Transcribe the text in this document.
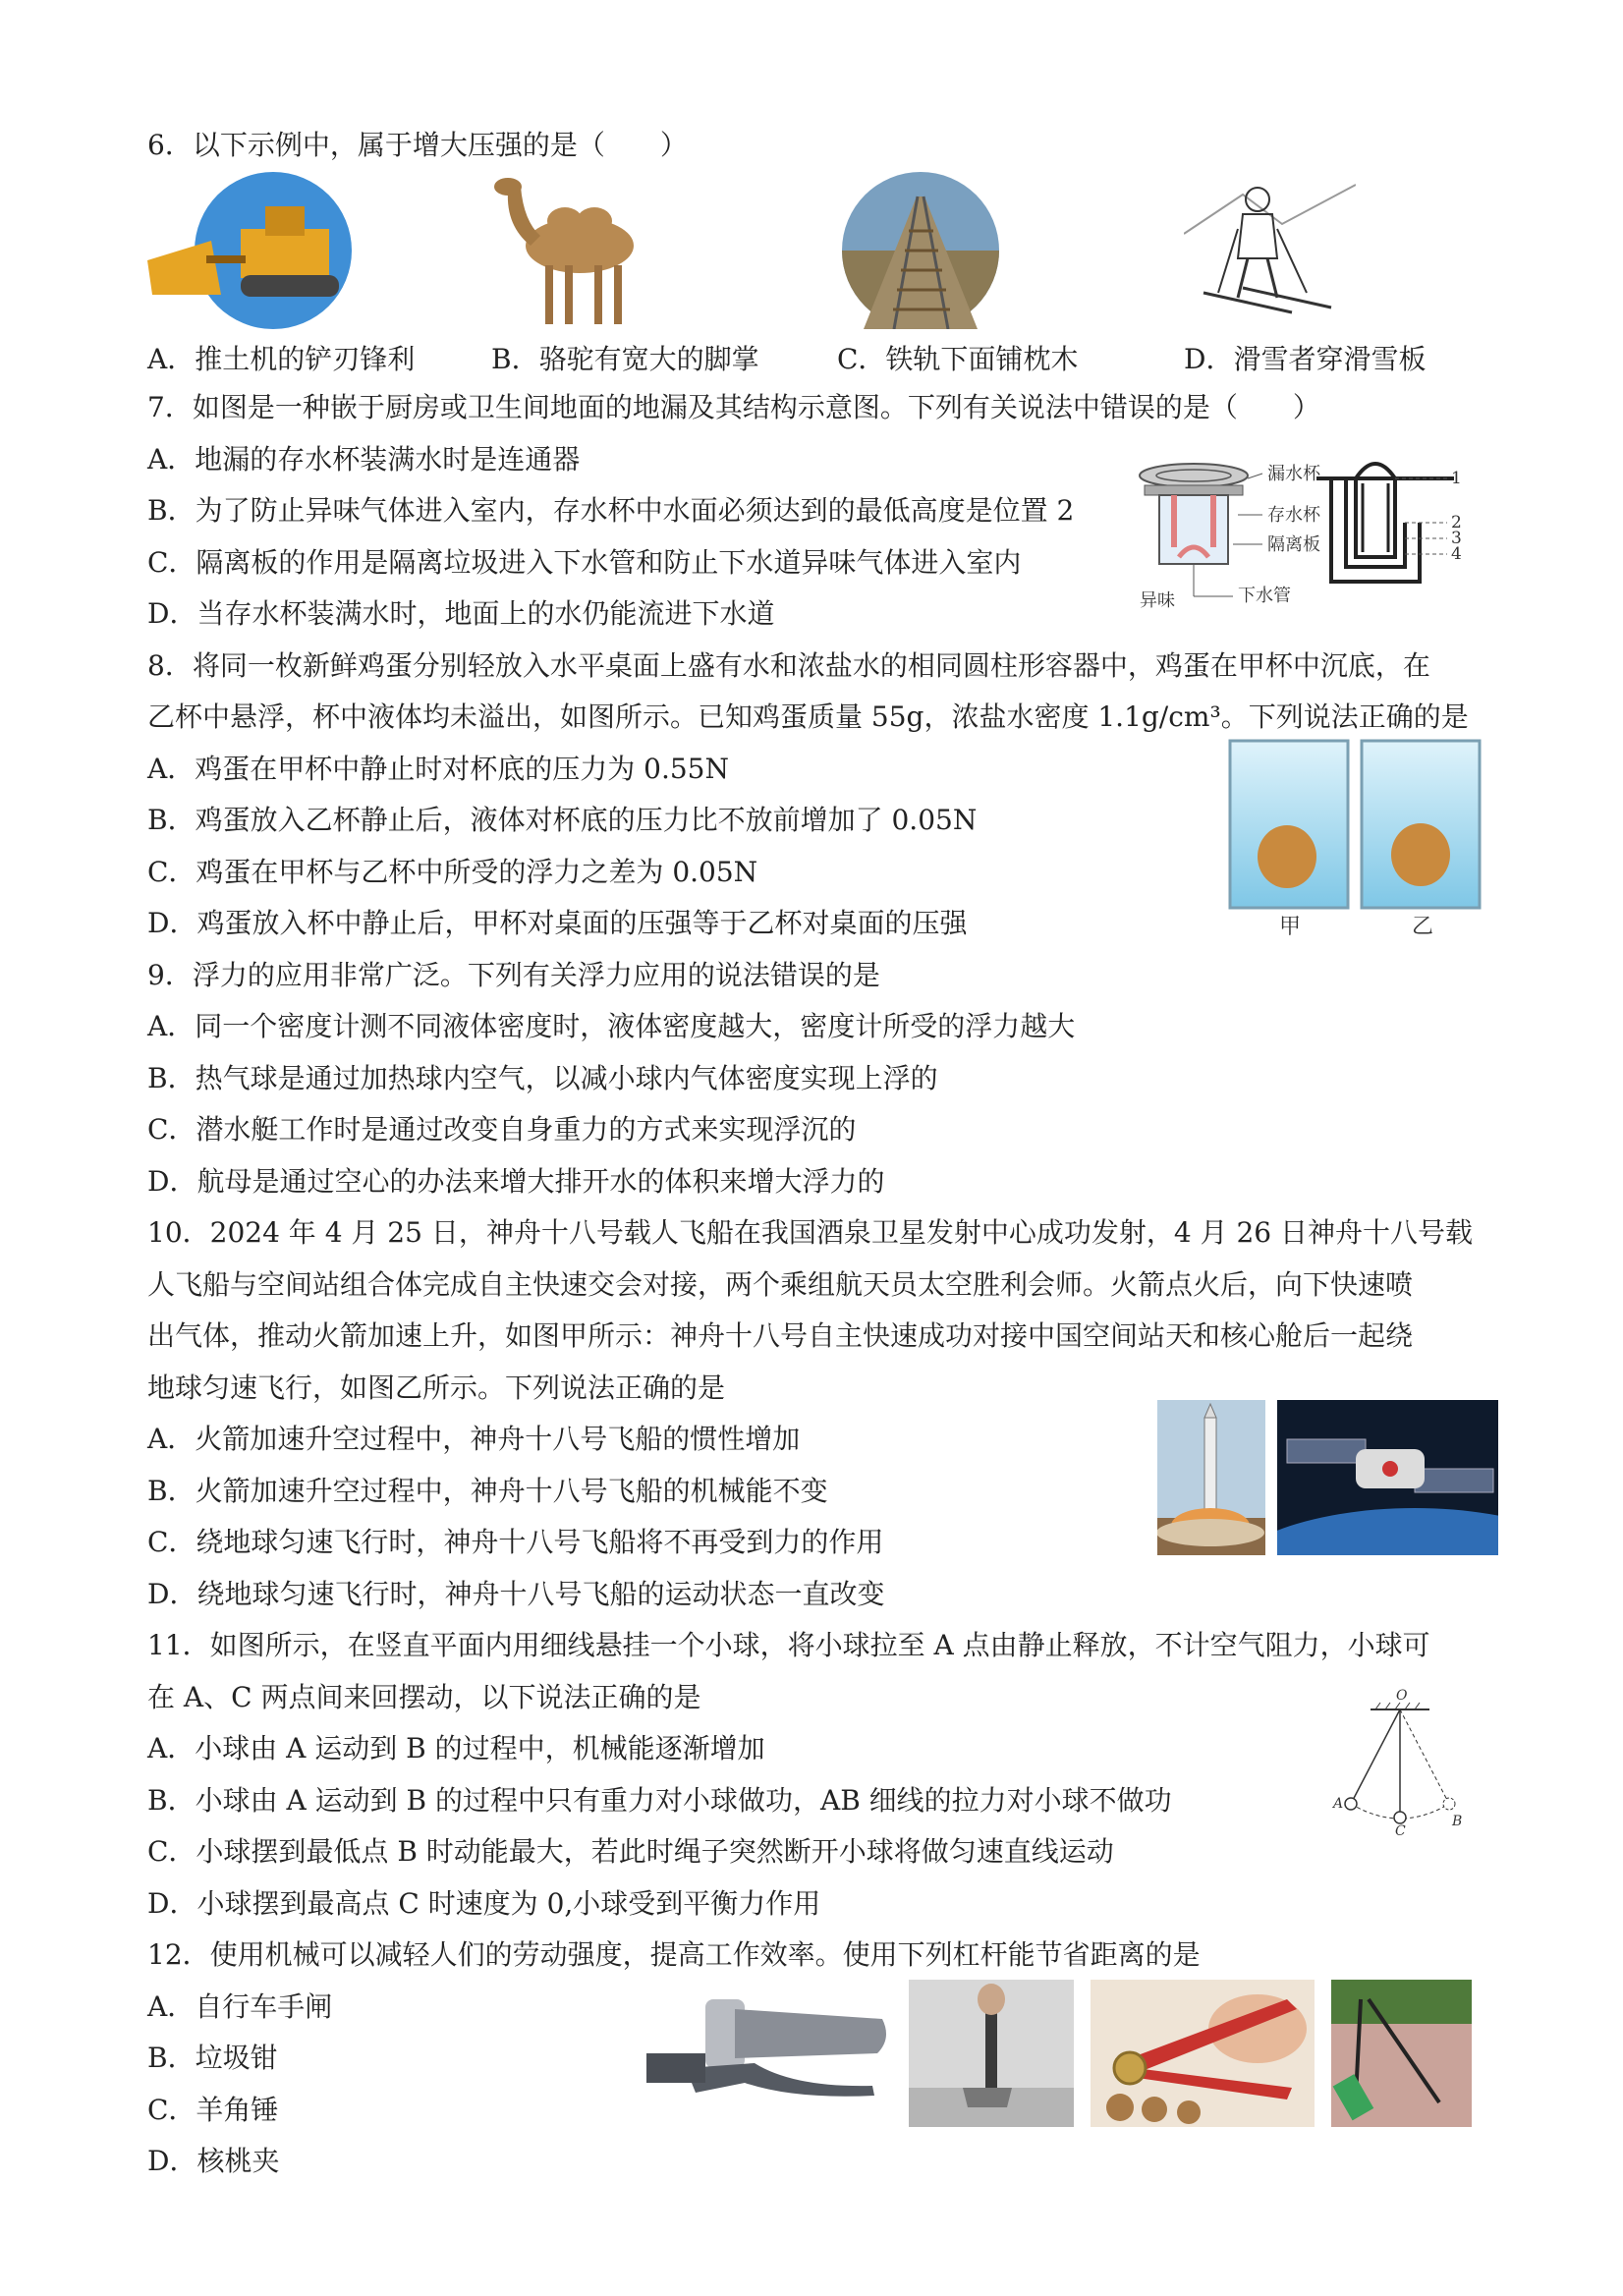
6．以下示例中，属于增大压强的是（　　）
A．推土机的铲刃锋利	B．骆驼有宽大的脚掌	C．铁轨下面铺枕木	D．滑雪者穿滑雪板
7．如图是一种嵌于厨房或卫生间地面的地漏及其结构示意图。下列有关说法中错误的是（　　）
A．地漏的存水杯装满水时是连通器
B．为了防止异味气体进入室内，存水杯中水面必须达到的最低高度是位置 2
C．隔离板的作用是隔离垃圾进入下水管和防止下水道异味气体进入室内
D．当存水杯装满水时，地面上的水仍能流进下水道
漏水杯
存水杯
隔离板
下水管
异味
1
2
3
4
8．将同一枚新鲜鸡蛋分别轻放入水平桌面上盛有水和浓盐水的相同圆柱形容器中，鸡蛋在甲杯中沉底，在
乙杯中悬浮，杯中液体均未溢出，如图所示。已知鸡蛋质量 55g，浓盐水密度 1.1g/cm³。下列说法正确的是
A．鸡蛋在甲杯中静止时对杯底的压力为 0.55N
B．鸡蛋放入乙杯静止后，液体对杯底的压力比不放前增加了 0.05N
C．鸡蛋在甲杯与乙杯中所受的浮力之差为 0.05N
D．鸡蛋放入杯中静止后，甲杯对桌面的压强等于乙杯对桌面的压强	甲	乙
9．浮力的应用非常广泛。下列有关浮力应用的说法错误的是
A．同一个密度计测不同液体密度时，液体密度越大，密度计所受的浮力越大
B．热气球是通过加热球内空气，以减小球内气体密度实现上浮的
C．潜水艇工作时是通过改变自身重力的方式来实现浮沉的
D．航母是通过空心的办法来增大排开水的体积来增大浮力的
10．2024 年 4 月 25 日，神舟十八号载人飞船在我国酒泉卫星发射中心成功发射，4 月 26 日神舟十八号载
人飞船与空间站组合体完成自主快速交会对接，两个乘组航天员太空胜利会师。火箭点火后，向下快速喷
出气体，推动火箭加速上升，如图甲所示：神舟十八号自主快速成功对接中国空间站天和核心舱后一起绕
地球匀速飞行，如图乙所示。下列说法正确的是
A．火箭加速升空过程中，神舟十八号飞船的惯性增加
B．火箭加速升空过程中，神舟十八号飞船的机械能不变
C．绕地球匀速飞行时，神舟十八号飞船将不再受到力的作用
D．绕地球匀速飞行时，神舟十八号飞船的运动状态一直改变
11．如图所示，在竖直平面内用细线悬挂一个小球，将小球拉至 A 点由静止释放，不计空气阻力，小球可
在 A、C 两点间来回摆动，以下说法正确的是
A．小球由 A 运动到 B 的过程中，机械能逐渐增加
B．小球由 A 运动到 B 的过程中只有重力对小球做功，AB 细线的拉力对小球不做功
C．小球摆到最低点 B 时动能最大，若此时绳子突然断开小球将做匀速直线运动
D．小球摆到最高点 C 时速度为 0,小球受到平衡力作用
O
A
C
B
12．使用机械可以减轻人们的劳动强度，提高工作效率。使用下列杠杆能节省距离的是
A．自行车手闸
B．垃圾钳
C．羊角锤
D．核桃夹
